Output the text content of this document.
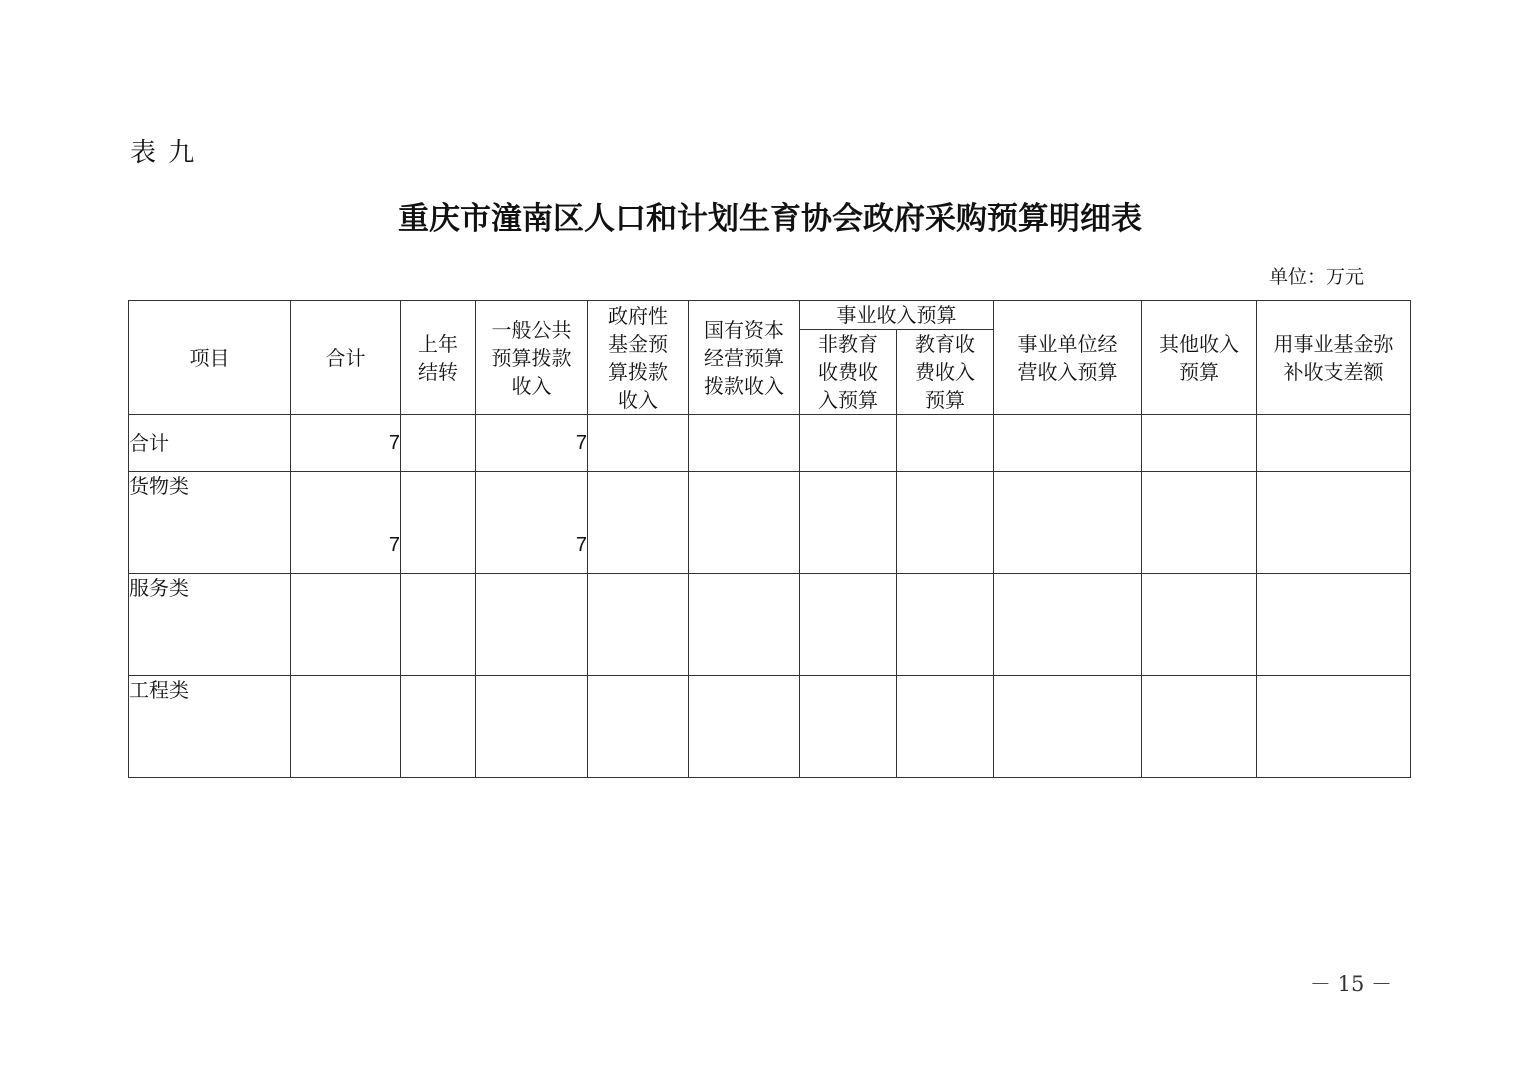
表 九
重庆市潼南区人口和计划生育协会政府采购预算明细表
单位：万元
项目	合计	上年结转	一般公共预算拨款收入	政府性基金预算拨款收入	国有资本经营预算拨款收入	事业收入预算		事业单位经营收入预算	其他收入预算	用事业基金弥补收支差额
						非教育收费收入预算	教育收费收入预算			
合计	7		7							
货物类	7		7							
服务类										
工程类										
－ 15 －
